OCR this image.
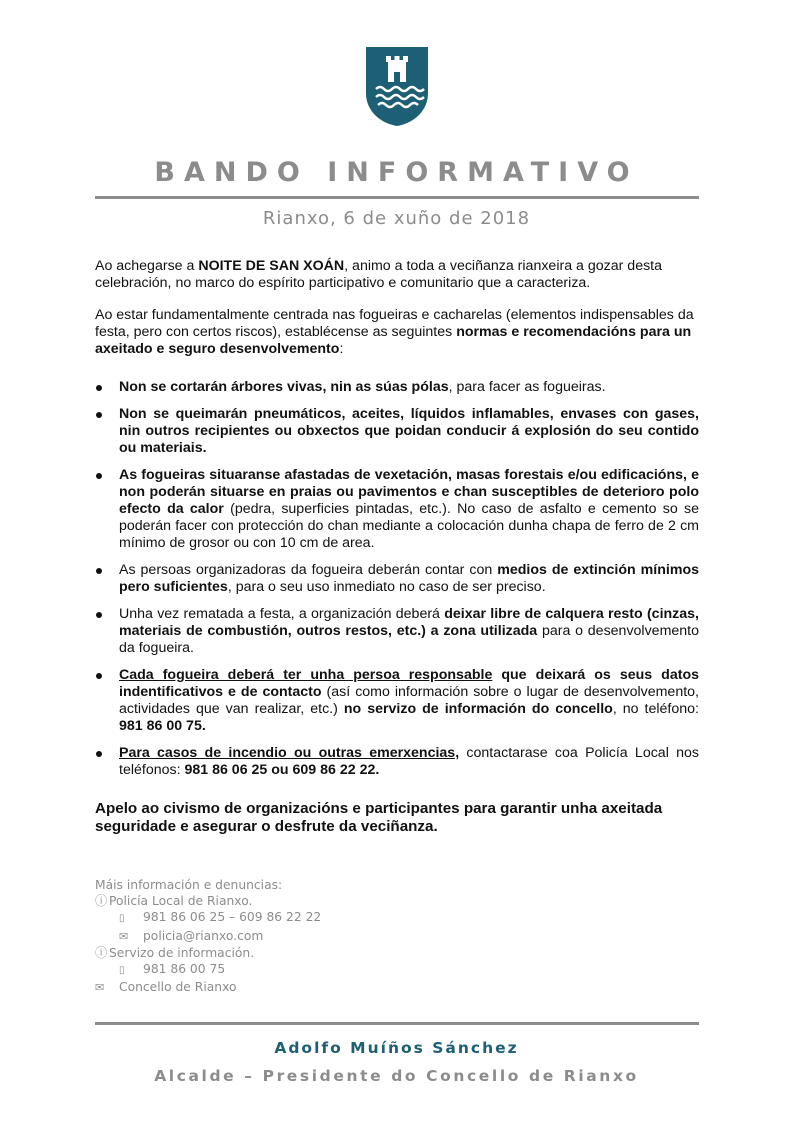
BANDO INFORMATIVO
Rianxo, 6 de xuño de 2018

Ao achegarse a NOITE DE SAN XOÁN, animo a toda a veciñanza rianxeira a gozar desta celebración, no marco do espírito participativo e comunitario que a caracteriza.

Ao estar fundamentalmente centrada nas fogueiras e cacharelas (elementos indispensables da festa, pero con certos riscos), establécense as seguintes normas e recomendacións para un axeitado e seguro desenvolvemento:

Non se cortarán árbores vivas, nin as súas pólas, para facer as fogueiras.
Non se queimarán pneumáticos, aceites, líquidos inflamables, envases con gases, nin outros recipientes ou obxectos que poidan conducir á explosión do seu contido ou materiais.
As fogueiras situaranse afastadas de vexetación, masas forestais e/ou edificacións, e non poderán situarse en praias ou pavimentos e chan susceptibles de deterioro polo efecto da calor (pedra, superficies pintadas, etc.). No caso de asfalto e cemento so se poderán facer con protección do chan mediante a colocación dunha chapa de ferro de 2 cm mínimo de grosor ou con 10 cm de area.
As persoas organizadoras da fogueira deberán contar con medios de extinción mínimos pero suficientes, para o seu uso inmediato no caso de ser preciso.
Unha vez rematada a festa, a organización deberá deixar libre de calquera resto (cinzas, materiais de combustión, outros restos, etc.) a zona utilizada para o desenvolvemento da fogueira.
Cada fogueira deberá ter unha persoa responsable que deixará os seus datos indentificativos e de contacto (así como información sobre o lugar de desenvolvemento, actividades que van realizar, etc.) no servizo de información do concello, no teléfono: 981 86 00 75.
Para casos de incendio ou outras emerxencias, contactarase coa Policía Local nos teléfonos: 981 86 06 25 ou 609 86 22 22.
Apelo ao civismo de organizacións e participantes para garantir unha axeitada seguridade e asegurar o desfrute da veciñanza.
Máis información e denuncias:
ⓘ Policía Local de Rianxo.
▯ 981 86 06 25 – 609 86 22 22
✉ policia@rianxo.com
ⓘ Servizo de información.
▯ 981 86 00 75
✉ Concello de Rianxo
Adolfo Muíños Sánchez
Alcalde – Presidente do Concello de Rianxo
